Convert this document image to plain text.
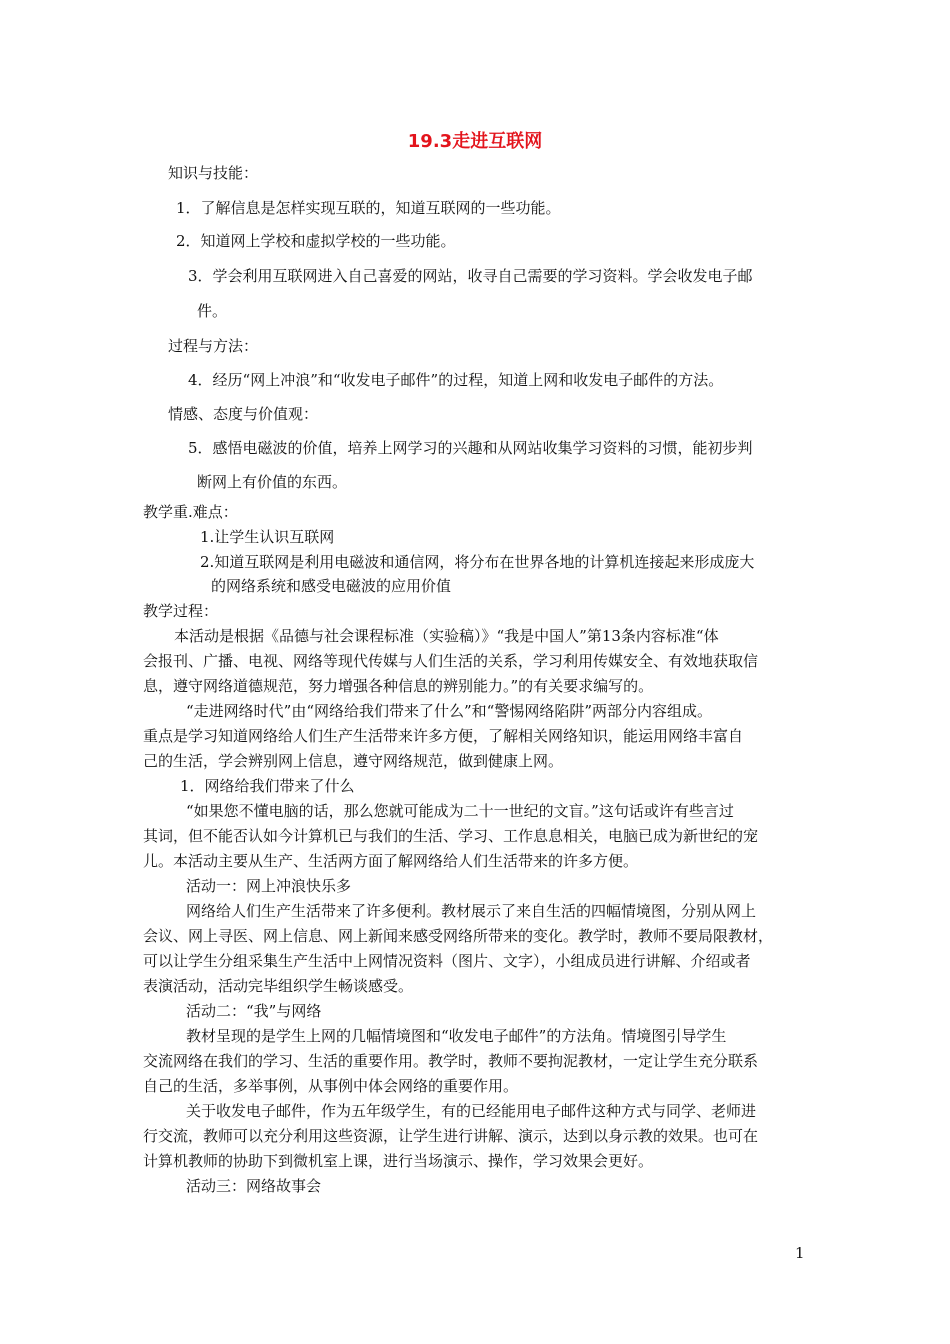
19.3走进互联网
知识与技能：
1．了解信息是怎样实现互联的，知道互联网的一些功能。
2．知道网上学校和虚拟学校的一些功能。
3．学会利用互联网进入自己喜爱的网站，收寻自己需要的学习资料。学会收发电子邮
件。
过程与方法：
4．经历“网上冲浪”和“收发电子邮件”的过程，知道上网和收发电子邮件的方法。
情感、态度与价值观：
5．感悟电磁波的价值，培养上网学习的兴趣和从网站收集学习资料的习惯，能初步判
断网上有价值的东西。
教学重.难点：
1.让学生认识互联网
2.知道互联网是利用电磁波和通信网，将分布在世界各地的计算机连接起来形成庞大
的网络系统和感受电磁波的应用价值
教学过程：
本活动是根据《品德与社会课程标准（实验稿）》“我是中国人”第13条内容标准“体
会报刊、广播、电视、网络等现代传媒与人们生活的关系，学习利用传媒安全、有效地获取信
息，遵守网络道德规范，努力增强各种信息的辨别能力。”的有关要求编写的。
“走进网络时代”由“网络给我们带来了什么”和“警惕网络陷阱”两部分内容组成。
重点是学习知道网络给人们生产生活带来许多方便，了解相关网络知识，能运用网络丰富自
己的生活，学会辨别网上信息，遵守网络规范，做到健康上网。
1．网络给我们带来了什么
“如果您不懂电脑的话，那么您就可能成为二十一世纪的文盲。”这句话或许有些言过
其词，但不能否认如今计算机已与我们的生活、学习、工作息息相关，电脑已成为新世纪的宠
儿。本活动主要从生产、生活两方面了解网络给人们生活带来的许多方便。
活动一：网上冲浪快乐多
网络给人们生产生活带来了许多便利。教材展示了来自生活的四幅情境图，分别从网上
会议、网上寻医、网上信息、网上新闻来感受网络所带来的变化。教学时，教师不要局限教材，
可以让学生分组采集生产生活中上网情况资料（图片、文字），小组成员进行讲解、介绍或者
表演活动，活动完毕组织学生畅谈感受。
活动二：“我”与网络
教材呈现的是学生上网的几幅情境图和“收发电子邮件”的方法角。情境图引导学生
交流网络在我们的学习、生活的重要作用。教学时，教师不要拘泥教材，一定让学生充分联系
自己的生活，多举事例，从事例中体会网络的重要作用。
关于收发电子邮件，作为五年级学生，有的已经能用电子邮件这种方式与同学、老师进
行交流，教师可以充分利用这些资源，让学生进行讲解、演示，达到以身示教的效果。也可在
计算机教师的协助下到微机室上课，进行当场演示、操作，学习效果会更好。
活动三：网络故事会
1
